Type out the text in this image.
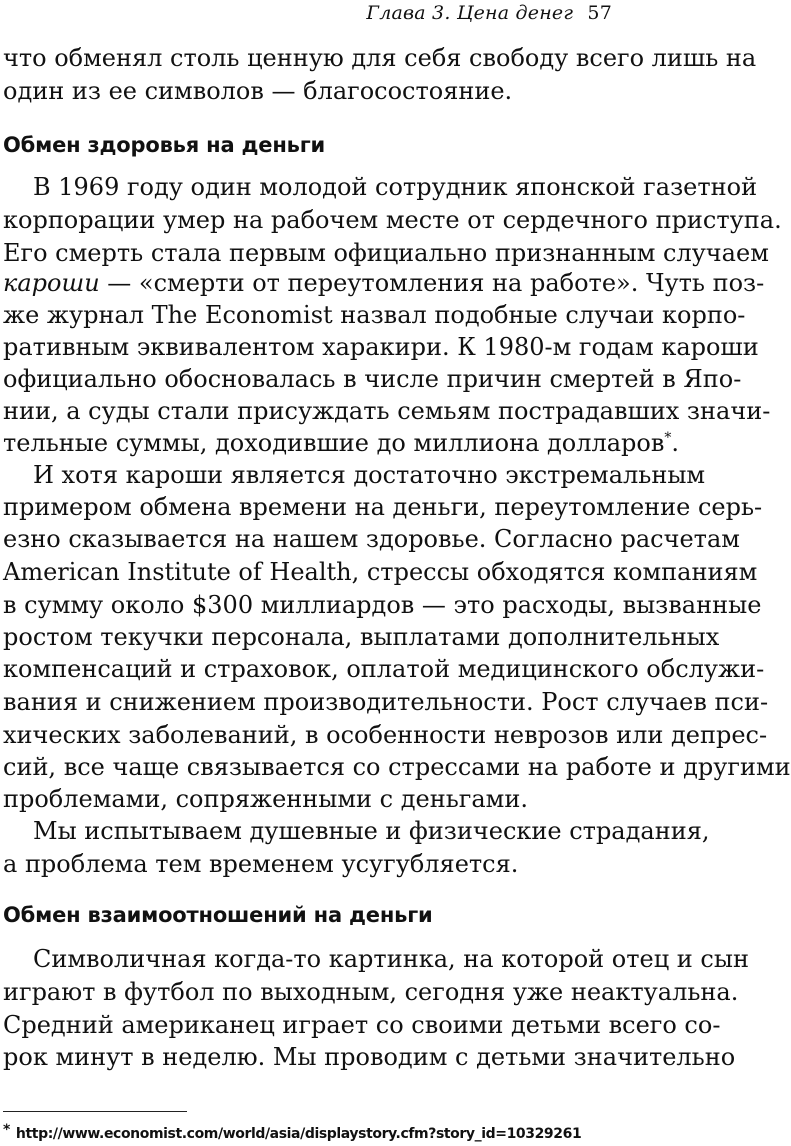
Глава 3. Цена денег 57
что обменял столь ценную для себя свободу всего лишь на
один из ее символов — благосостояние.
Обмен здоровья на деньги
В 1969 году один молодой сотрудник японской газетной
корпорации умер на рабочем месте от сердечного приступа.
Его смерть стала первым официально признанным случаем
кароши — «смерти от переутомления на работе». Чуть поз-
же журнал The Economist назвал подобные случаи корпо-
ративным эквивалентом харакири. К 1980-м годам кароши
официально обосновалась в числе причин смертей в Япо-
нии, а суды стали присуждать семьям пострадавших значи-
тельные суммы, доходившие до миллиона долларов*.
И хотя кароши является достаточно экстремальным
примером обмена времени на деньги, переутомление серь-
езно сказывается на нашем здоровье. Согласно расчетам
American Institute of Health, стрессы обходятся компаниям
в сумму около $300 миллиардов — это расходы, вызванные
ростом текучки персонала, выплатами дополнительных
компенсаций и страховок, оплатой медицинского обслужи-
вания и снижением производительности. Рост случаев пси-
хических заболеваний, в особенности неврозов или депрес-
сий, все чаще связывается со стрессами на работе и другими
проблемами, сопряженными с деньгами.
Мы испытываем душевные и физические страдания,
а проблема тем временем усугубляется.
Обмен взаимоотношений на деньги
Символичная когда-то картинка, на которой отец и сын
играют в футбол по выходным, сегодня уже неактуальна.
Средний американец играет со своими детьми всего со-
рок минут в неделю. Мы проводим с детьми значительно
* http://www.economist.com/world/asia/displaystory.cfm?story_id=10329261
